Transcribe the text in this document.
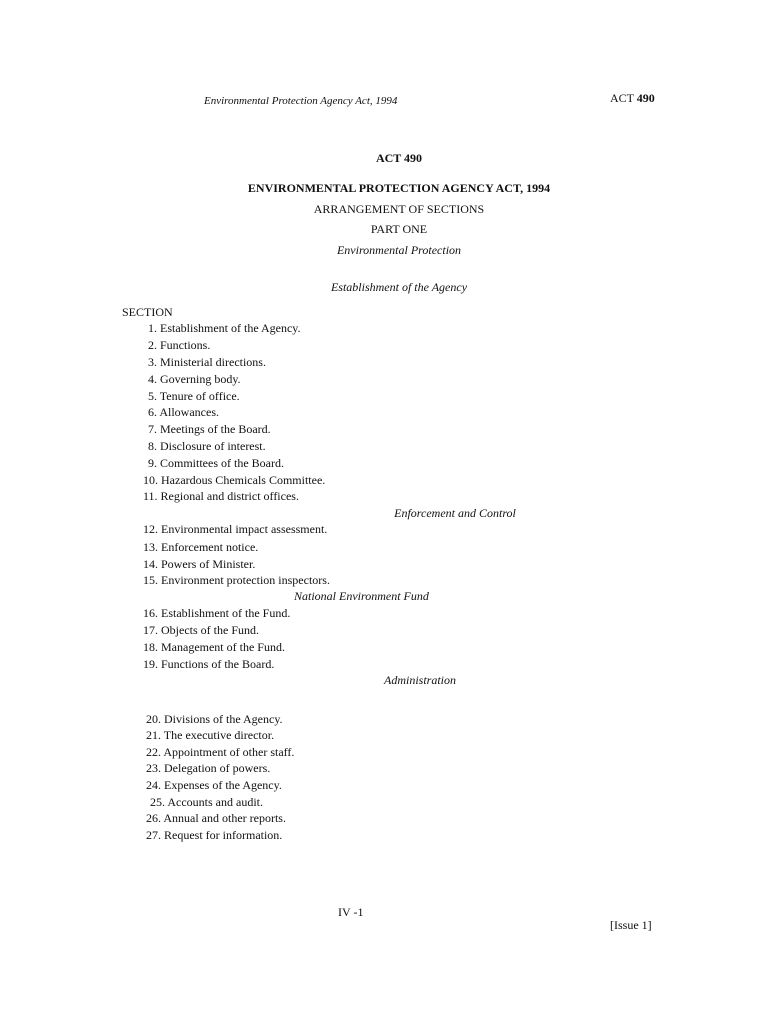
Environmental Protection Agency Act, 1994	ACT 490
ACT 490
ENVIRONMENTAL PROTECTION AGENCY ACT, 1994
ARRANGEMENT OF SECTIONS
PART ONE
Environmental Protection
Establishment of the Agency
SECTION
1. Establishment of the Agency.
2. Functions.
3. Ministerial directions.
4. Governing body.
5. Tenure of office.
6. Allowances.
7. Meetings of the Board.
8. Disclosure of interest.
9. Committees of the Board.
10. Hazardous Chemicals Committee.
11. Regional and district offices.
Enforcement and Control
12. Environmental impact assessment.
13. Enforcement notice.
14. Powers of Minister.
15. Environment protection inspectors.
National Environment Fund
16. Establishment of the Fund.
17. Objects of the Fund.
18. Management of the Fund.
19. Functions of the Board.
Administration
20. Divisions of the Agency.
21. The executive director.
22. Appointment of other staff.
23. Delegation of powers.
24. Expenses of the Agency.
25. Accounts and audit.
26. Annual and other reports.
27. Request for information.
IV -1
[Issue 1]
